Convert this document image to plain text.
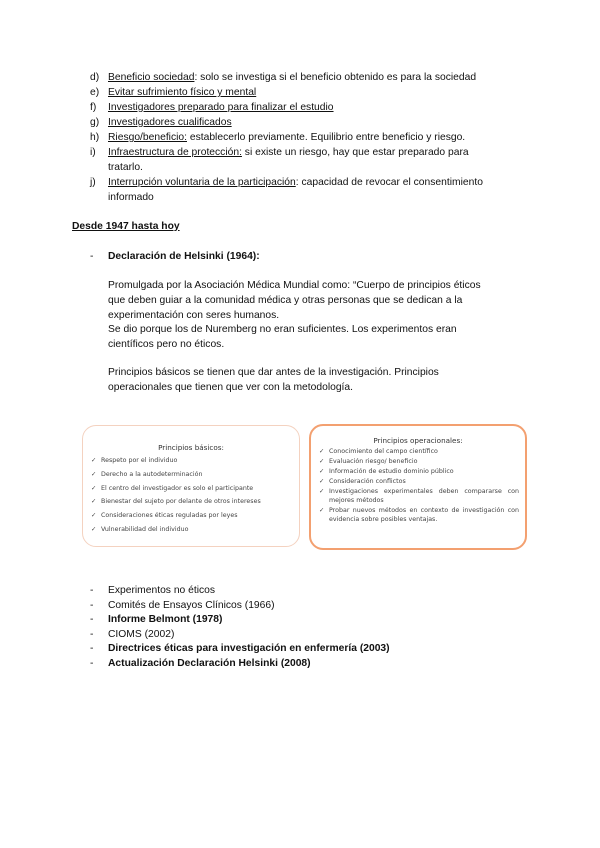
d) Beneficio sociedad: solo se investiga si el beneficio obtenido es para la sociedad
e) Evitar sufrimiento físico y mental
f) Investigadores preparado para finalizar el estudio
g) Investigadores cualificados
h) Riesgo/beneficio: establecerlo previamente. Equilibrio entre beneficio y riesgo.
i) Infraestructura de protección: si existe un riesgo, hay que estar preparado para
tratarlo.
j) Interrupción voluntaria de la participación: capacidad de revocar el consentimiento
informado
Desde 1947 hasta hoy
- Declaración de Helsinki (1964):
Promulgada por la Asociación Médica Mundial como: “Cuerpo de principios éticos
que deben guiar a la comunidad médica y otras personas que se dedican a la
experimentación con seres humanos.
Se dio porque los de Nuremberg no eran suficientes. Los experimentos eran
científicos pero no éticos.
Principios básicos se tienen que dar antes de la investigación. Principios
operacionales que tienen que ver con la metodología.
Principios básicos:
✓ Respeto por el individuo
✓ Derecho a la autodeterminación
✓ El centro del investigador es solo el participante
✓ Bienestar del sujeto por delante de otros intereses
✓ Consideraciones éticas reguladas por leyes
✓ Vulnerabilidad del individuo
Principios operacionales:
✓ Conocimiento del campo científico
✓ Evaluación riesgo/ beneficio
✓ Información de estudio dominio público
✓ Consideración conflictos
✓ Investigaciones experimentales deben compararse con mejores métodos
✓ Probar nuevos métodos en contexto de investigación con evidencia sobre posibles ventajas.
- Experimentos no éticos
- Comités de Ensayos Clínicos (1966)
- Informe Belmont (1978)
- CIOMS (2002)
- Directrices éticas para investigación en enfermería (2003)
- Actualización Declaración Helsinki (2008)
